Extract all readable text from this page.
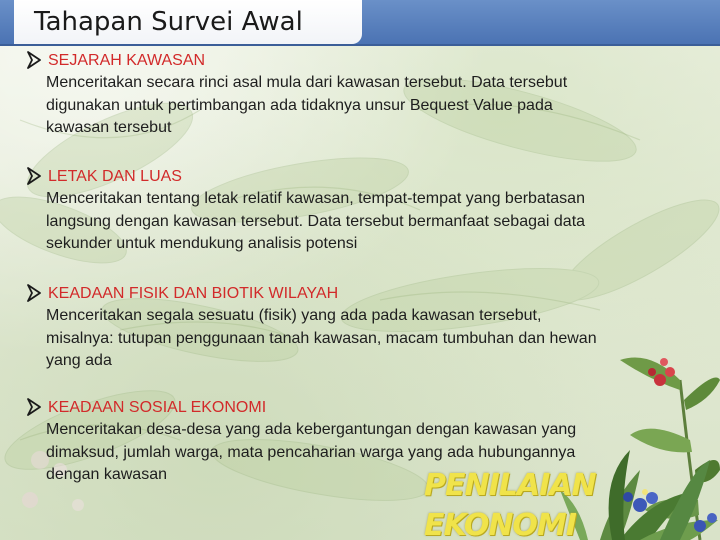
Tahapan Survei Awal
SEJARAH KAWASAN
Menceritakan secara rinci asal mula dari kawasan tersebut. Data tersebut
digunakan untuk pertimbangan ada tidaknya unsur Bequest Value pada
kawasan tersebut
LETAK DAN LUAS
Menceritakan tentang letak relatif kawasan, tempat-tempat yang berbatasan
langsung dengan kawasan tersebut. Data tersebut bermanfaat sebagai data
sekunder untuk mendukung analisis potensi
KEADAAN FISIK DAN BIOTIK WILAYAH
Menceritakan segala sesuatu (fisik) yang ada pada kawasan tersebut,
misalnya: tutupan penggunaan tanah kawasan, macam tumbuhan dan hewan
yang ada
KEADAAN SOSIAL EKONOMI
Menceritakan desa-desa yang ada kebergantungan dengan kawasan yang
dimaksud, jumlah warga, mata pencaharian warga yang ada hubungannya
dengan kawasan	PENILAIAN
EKONOMI
